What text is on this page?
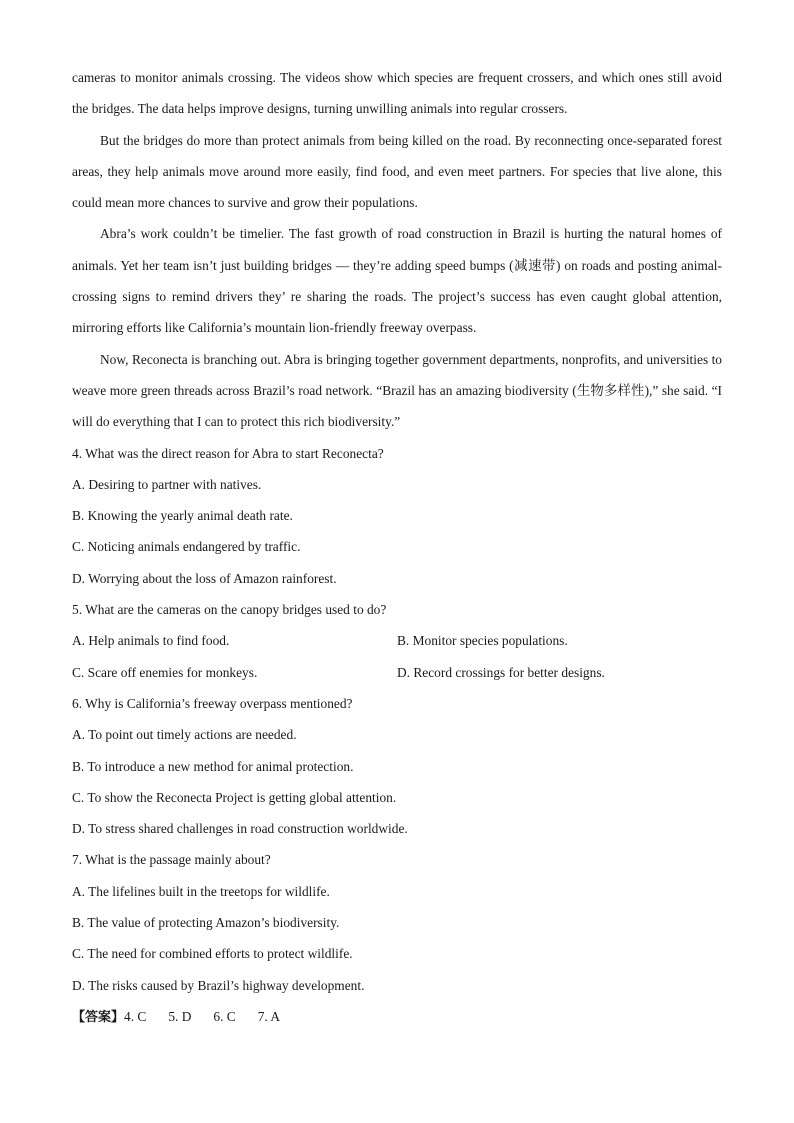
cameras to monitor animals crossing. The videos show which species are frequent crossers, and which ones still avoid the bridges. The data helps improve designs, turning unwilling animals into regular crossers.

But the bridges do more than protect animals from being killed on the road. By reconnecting once-separated forest areas, they help animals move around more easily, find food, and even meet partners. For species that live alone, this could mean more chances to survive and grow their populations.

Abra’s work couldn’t be timelier. The fast growth of road construction in Brazil is hurting the natural homes of animals. Yet her team isn’t just building bridges — they’re adding speed bumps (减速带) on roads and posting animal-crossing signs to remind drivers they’ re sharing the roads. The project’s success has even caught global attention, mirroring efforts like California’s mountain lion-friendly freeway overpass.

Now, Reconecta is branching out. Abra is bringing together government departments, nonprofits, and universities to weave more green threads across Brazil’s road network. “Brazil has an amazing biodiversity (生物多样性),” she said. “I will do everything that I can to protect this rich biodiversity.”

4. What was the direct reason for Abra to start Reconecta?

A. Desiring to partner with natives.

B. Knowing the yearly animal death rate.

C. Noticing animals endangered by traffic.

D. Worrying about the loss of Amazon rainforest.

5. What are the cameras on the canopy bridges used to do?

A. Help animals to find food.	B. Monitor species populations.
C. Scare off enemies for monkeys.	D. Record crossings for better designs.

6. Why is California’s freeway overpass mentioned?

A. To point out timely actions are needed.

B. To introduce a new method for animal protection.

C. To show the Reconecta Project is getting global attention.

D. To stress shared challenges in road construction worldwide.

7. What is the passage mainly about?

A. The lifelines built in the treetops for wildlife.

B. The value of protecting Amazon’s biodiversity.

C. The need for combined efforts to protect wildlife.

D. The risks caused by Brazil’s highway development.

【答案】4. C 5. D 6. C 7. A
